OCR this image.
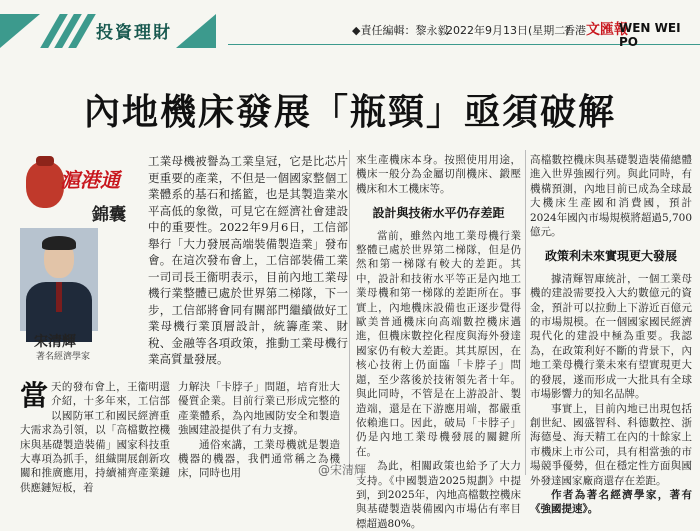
投資理財	◆責任編輯：黎永毅
2022年9月13日(星期二)
香港 文匯報
WEN WEI PO
內地機床發展「瓶頸」亟須破解
滬港通
錦囊
宋清輝
著名經濟學家
工業母機被譽為工業皇冠，它是比芯片更重要的產業，不但是一個國家整個工業體系的基石和搖籃，也是其製造業水平高低的象徵，可見它在經濟社會建設中的重要性。2022年9月6日，工信部舉行「大力發展高端裝備製造業」發布會。在這次發布會上，工信部裝備工業一司司長王衞明表示，目前內地工業母機行業整體已處於世界第二梯隊，下一步，工信部將會同有關部門繼續做好工業母機行業頂層設計，統籌產業、財稅、金融等各項政策，推動工業母機行業高質量發展。
當天的發布會上，王衞明還介紹，十多年來，工信部以國防軍工和國民經濟重大需求為引領，以「高檔數控機床與基礎製造裝備」國家科技重大專項為抓手，組織開展創新攻關和推廣應用，持續補齊產業鏈供應鏈短板，着
力解決「卡脖子」問題，培育壯大優質企業。目前行業已形成完整的產業體系，為內地國防安全和製造強國建設提供了有力支撐。
通俗來講，工業母機就是製造機器的機器，我們通常稱之為機床，同時也用
來生產機床本身。按照使用用途，機床一般分為金屬切削機床、鍛壓機床和木工機床等。
設計與技術水平仍存差距
當前，雖然內地工業母機行業整體已處於世界第二梯隊，但是仍然和第一梯隊有較大的差距。其中，設計和技術水平等正是內地工業母機和第一梯隊的差距所在。事實上，內地機床設備也正逐步覺得歐美普通機床向高端數控機床邁進，但機床數控化程度與海外發達國家仍有較大差距。其其原因，在核心技術上仍面臨「卡脖子」問題，至少落後於技術領先者十年。與此同時，不管是在上游設計、製造端，還是在下游應用端，都嚴重依賴進口。因此，破局「卡脖子」仍是內地工業母機發展的關鍵所在。
為此，相關政策也給予了大力支持。《中國製造2025規劃》中提到，到2025年，內地高檔數控機床與基礎製造裝備國內市場佔有率目標超過80%。
高檔數控機床與基礎製造裝備總體進入世界強國行列。與此同時，有機構預測，內地目前已成為全球最大機床生產國和消費國，預計2024年國內市場規模將超過5,700億元。
政策利未來實現更大發展
據清輝智庫統計，一個工業母機的建設需要投入大約數億元的資金，預計可以拉動上下游近百億元的市場規模。在一個國家國民經濟現代化的建設中極為重要。我認為，在政策利好不斷的背景下，內地工業母機行業未來有望實現更大的發展，遂而形成一大批具有全球市場影響力的知名品牌。
事實上，目前內地已出現包括創世紀、國盛智科、科德數控、浙海德曼、海天精工在內的十餘家上市機床上市公司，具有相當強的市場競爭優勢，但在穩定性方面與國外發達國家廠商還存在差距。
作者為著名經濟學家，著有《強國提速》。
@宋清輝
